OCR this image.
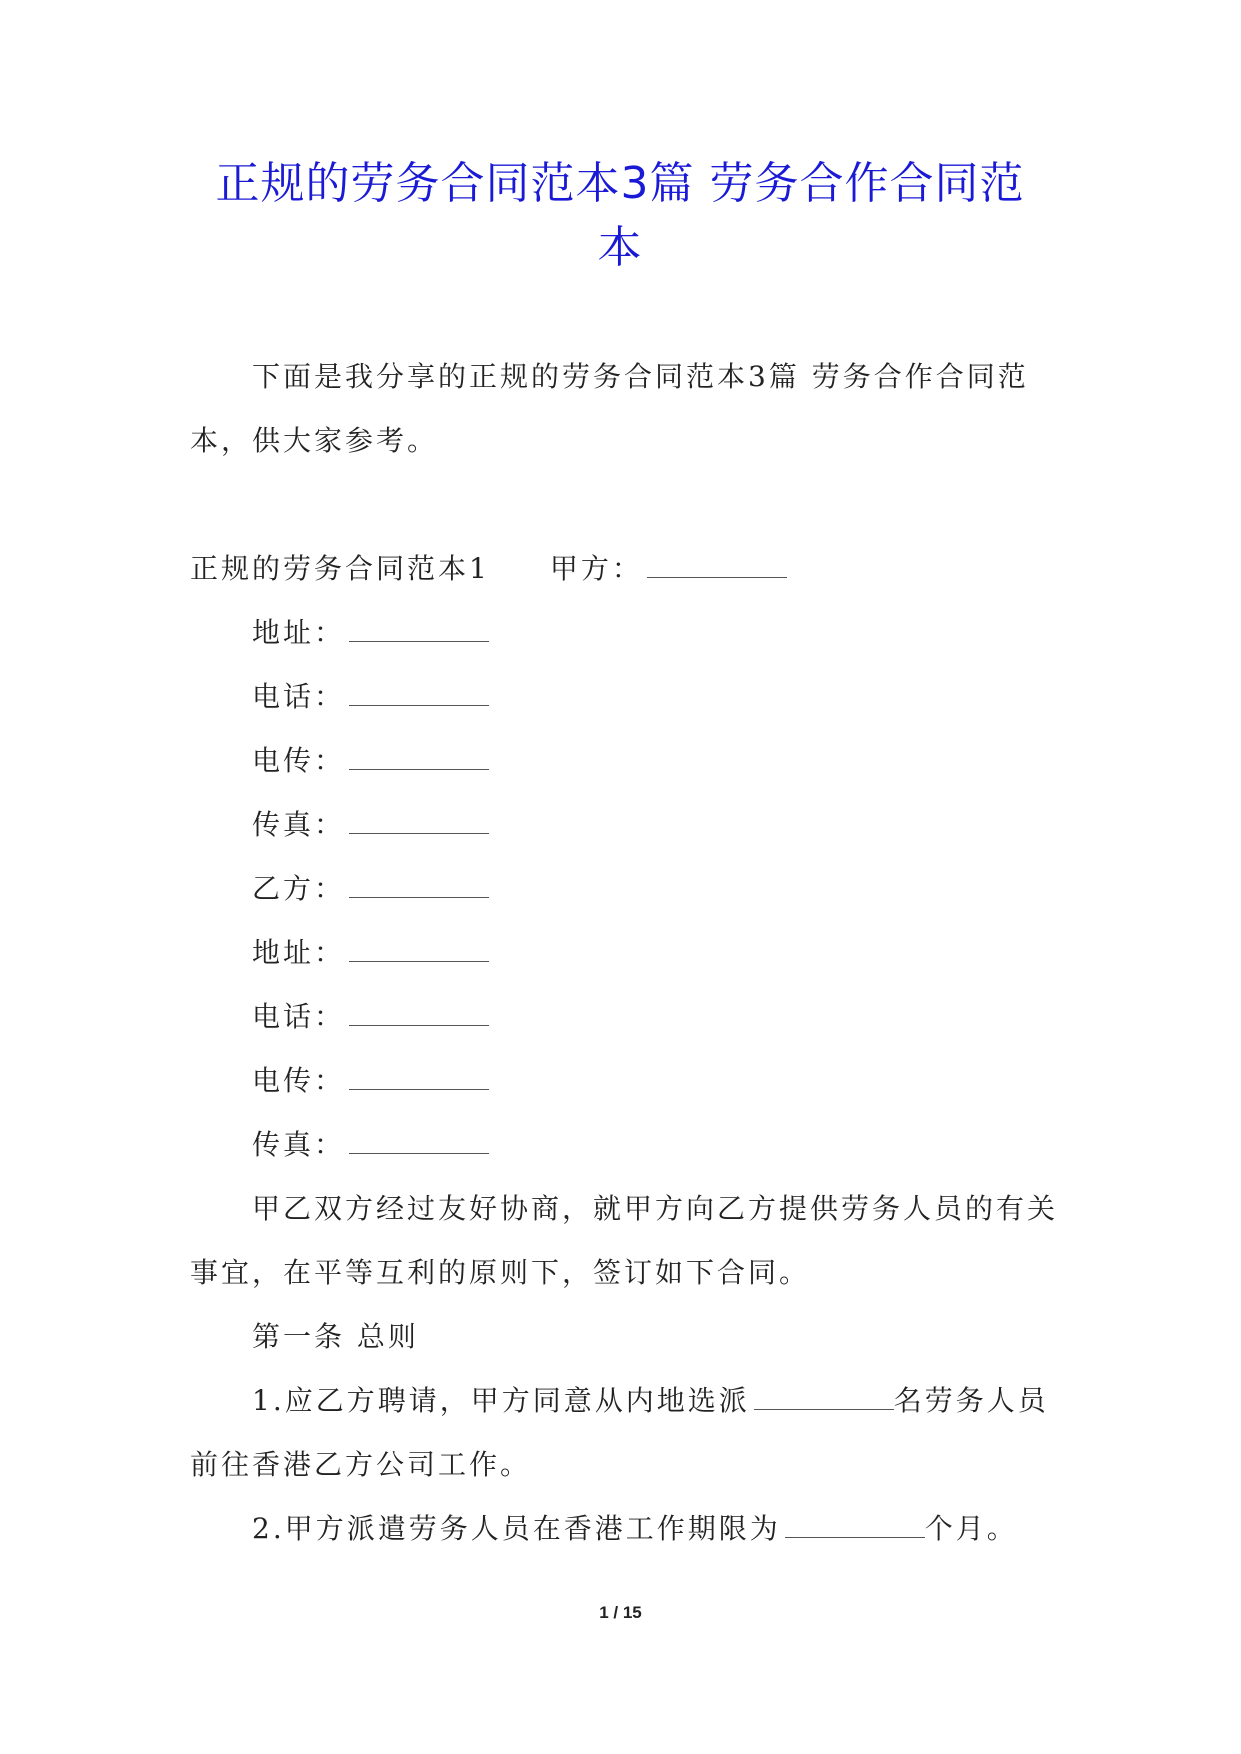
正规的劳务合同范本3篇 劳务合作合同范
本
下面是我分享的正规的劳务合同范本3篇 劳务合作合同范
本，供大家参考。
正规的劳务合同范本1 甲方：
地址：
电话：
电传：
传真：
乙方：
地址：
电话：
电传：
传真：
甲乙双方经过友好协商，就甲方向乙方提供劳务人员的有关
事宜，在平等互利的原则下，签订如下合同。
第一条 总则
1.应乙方聘请，甲方同意从内地选派	名劳务人员
前往香港乙方公司工作。
2.甲方派遣劳务人员在香港工作期限为	个月。
1 / 15
